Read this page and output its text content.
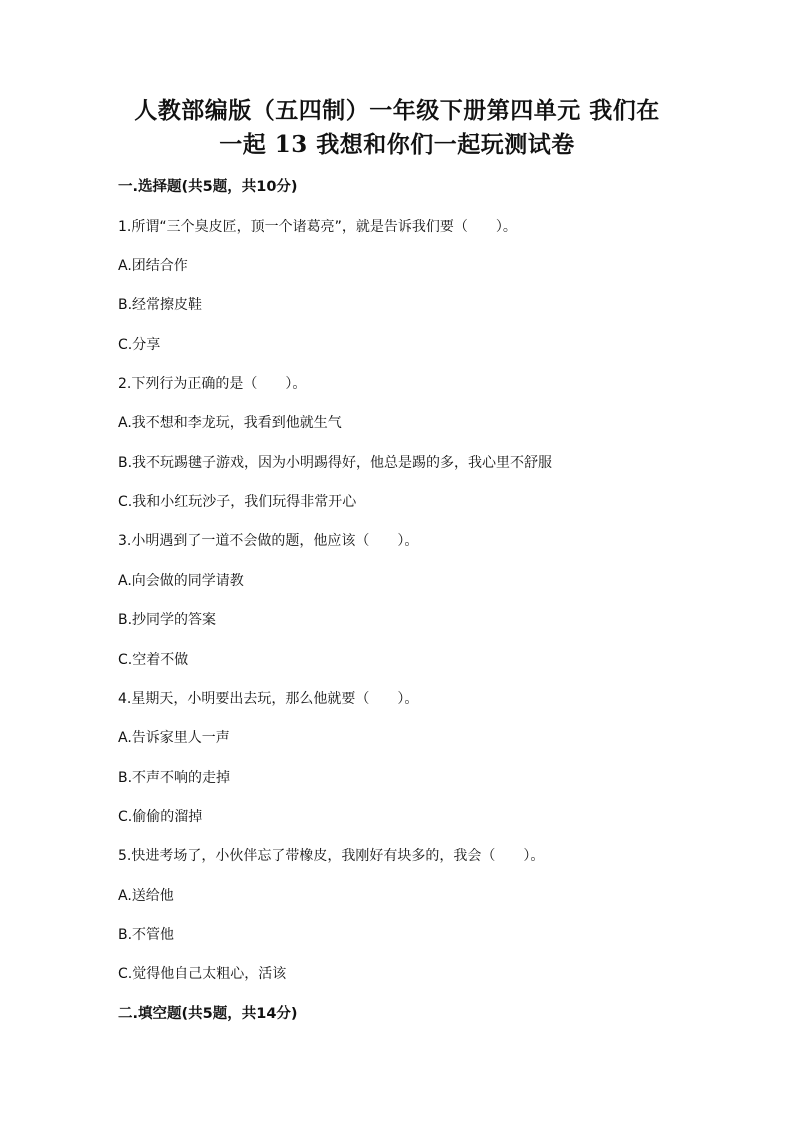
人教部编版（五四制）一年级下册第四单元 我们在
一起 13 我想和你们一起玩测试卷
一.选择题(共5题，共10分)
1.所谓“三个臭皮匠，顶一个诸葛亮”，就是告诉我们要（　　）。
A.团结合作
B.经常擦皮鞋
C.分享
2.下列行为正确的是（　　）。
A.我不想和李龙玩，我看到他就生气
B.我不玩踢毽子游戏，因为小明踢得好，他总是踢的多，我心里不舒服
C.我和小红玩沙子，我们玩得非常开心
3.小明遇到了一道不会做的题，他应该（　　）。
A.向会做的同学请教
B.抄同学的答案
C.空着不做
4.星期天，小明要出去玩，那么他就要（　　）。
A.告诉家里人一声
B.不声不响的走掉
C.偷偷的溜掉
5.快进考场了，小伙伴忘了带橡皮，我刚好有块多的，我会（　　）。
A.送给他
B.不管他
C.觉得他自己太粗心，活该
二.填空题(共5题，共14分)
